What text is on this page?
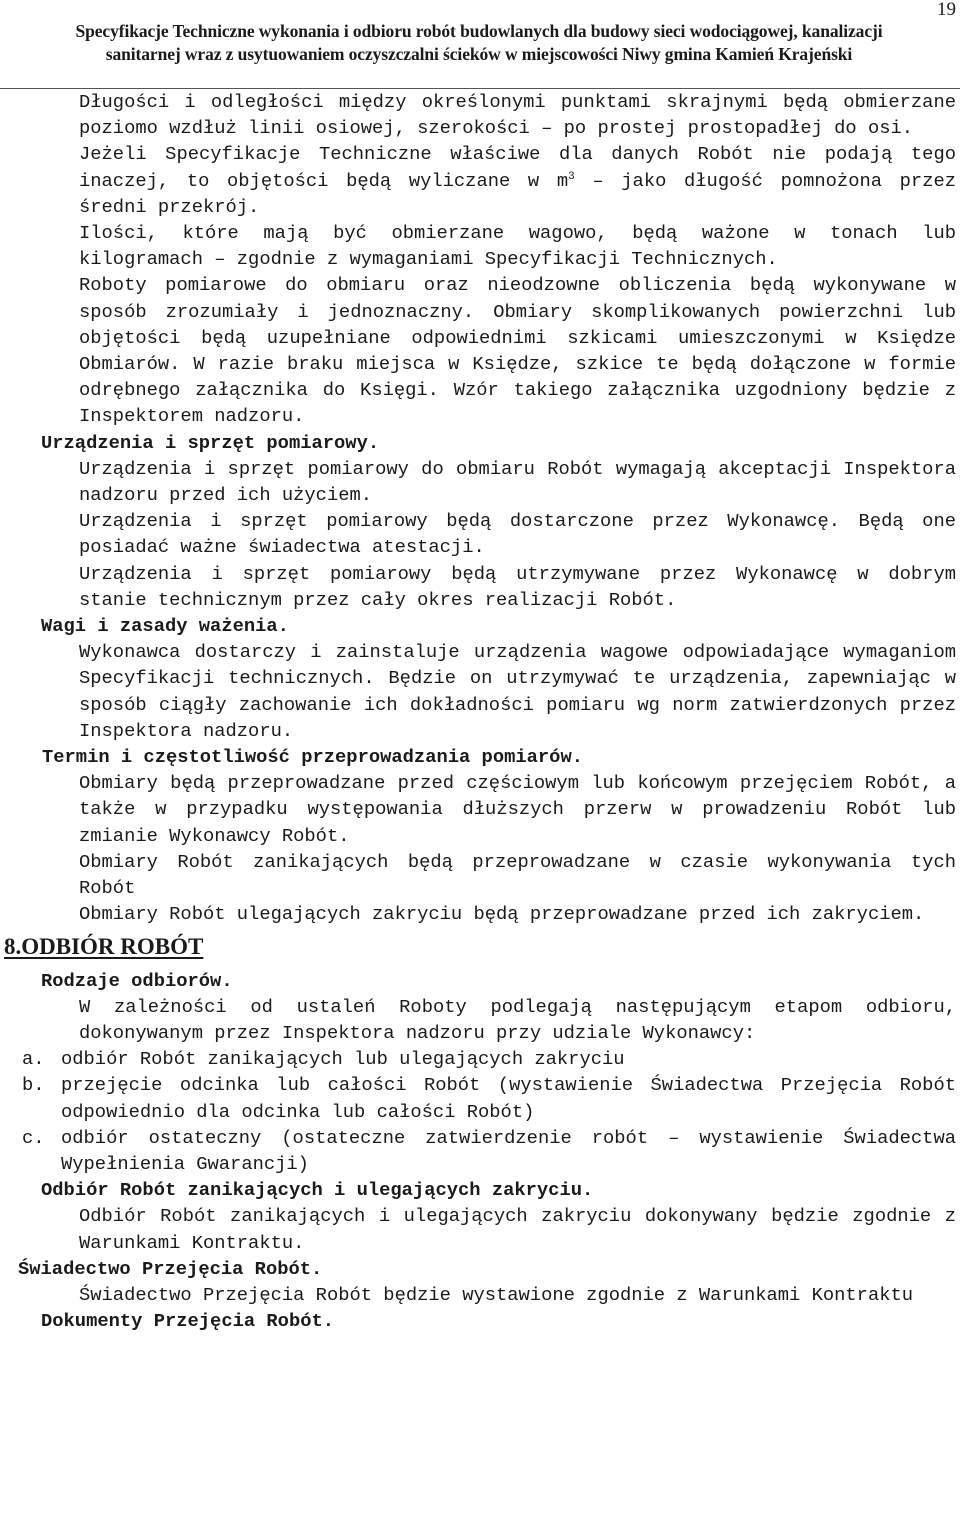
19
Specyfikacje Techniczne wykonania i odbioru robót budowlanych dla budowy sieci wodociągowej, kanalizacji
sanitarnej wraz z usytuowaniem oczyszczalni ścieków w miejscowości Niwy gmina Kamień Krajeński

Długości i odległości między określonymi punktami skrajnymi będą obmierzane poziomo wzdłuż linii osiowej, szerokości – po prostej prostopadłej do osi.

Jeżeli Specyfikacje Techniczne właściwe dla danych Robót nie podają tego inaczej, to objętości będą wyliczane w $m^3$ – jako długość pomnożona przez średni przekrój.

Ilości, które mają być obmierzane wagowo, będą ważone w tonach lub kilogramach – zgodnie z wymaganiami Specyfikacji Technicznych.

Roboty pomiarowe do obmiaru oraz nieodzowne obliczenia będą wykonywane w sposób zrozumiały i jednoznaczny. Obmiary skomplikowanych powierzchni lub objętości będą uzupełniane odpowiednimi szkicami umieszczonymi w Księdze Obmiarów. W razie braku miejsca w Księdze, szkice te będą dołączone w formie odrębnego załącznika do Księgi. Wzór takiego załącznika uzgodniony będzie z Inspektorem nadzoru.

Urządzenia i sprzęt pomiarowy.

Urządzenia i sprzęt pomiarowy do obmiaru Robót wymagają akceptacji Inspektora nadzoru przed ich użyciem.

Urządzenia i sprzęt pomiarowy będą dostarczone przez Wykonawcę. Będą one posiadać ważne świadectwa atestacji.

Urządzenia i sprzęt pomiarowy będą utrzymywane przez Wykonawcę w dobrym stanie technicznym przez cały okres realizacji Robót.

Wagi i zasady ważenia.

Wykonawca dostarczy i zainstaluje urządzenia wagowe odpowiadające wymaganiom Specyfikacji technicznych. Będzie on utrzymywać te urządzenia, zapewniając w sposób ciągły zachowanie ich dokładności pomiaru wg norm zatwierdzonych przez Inspektora nadzoru.

Termin i częstotliwość przeprowadzania pomiarów.

Obmiary będą przeprowadzane przed częściowym lub końcowym przejęciem Robót, a także w przypadku występowania dłuższych przerw w prowadzeniu Robót lub zmianie Wykonawcy Robót.

Obmiary Robót zanikających będą przeprowadzane w czasie wykonywania tych Robót

Obmiary Robót ulegających zakryciu będą przeprowadzane przed ich zakryciem.

8.ODBIÓR ROBÓT

Rodzaje odbiorów.

W zależności od ustaleń Roboty podlegają następującym etapom odbioru, dokonywanym przez Inspektora nadzoru przy udziale Wykonawcy:

a. odbiór Robót zanikających lub ulegających zakryciu
b. przejęcie odcinka lub całości Robót (wystawienie Świadectwa Przejęcia Robót odpowiednio dla odcinka lub całości Robót)
c. odbiór ostateczny (ostateczne zatwierdzenie robót – wystawienie Świadectwa Wypełnienia Gwarancji)

Odbiór Robót zanikających i ulegających zakryciu.

Odbiór Robót zanikających i ulegających zakryciu dokonywany będzie zgodnie z Warunkami Kontraktu.

Świadectwo Przejęcia Robót.

Świadectwo Przejęcia Robót będzie wystawione zgodnie z Warunkami Kontraktu

Dokumenty Przejęcia Robót.
